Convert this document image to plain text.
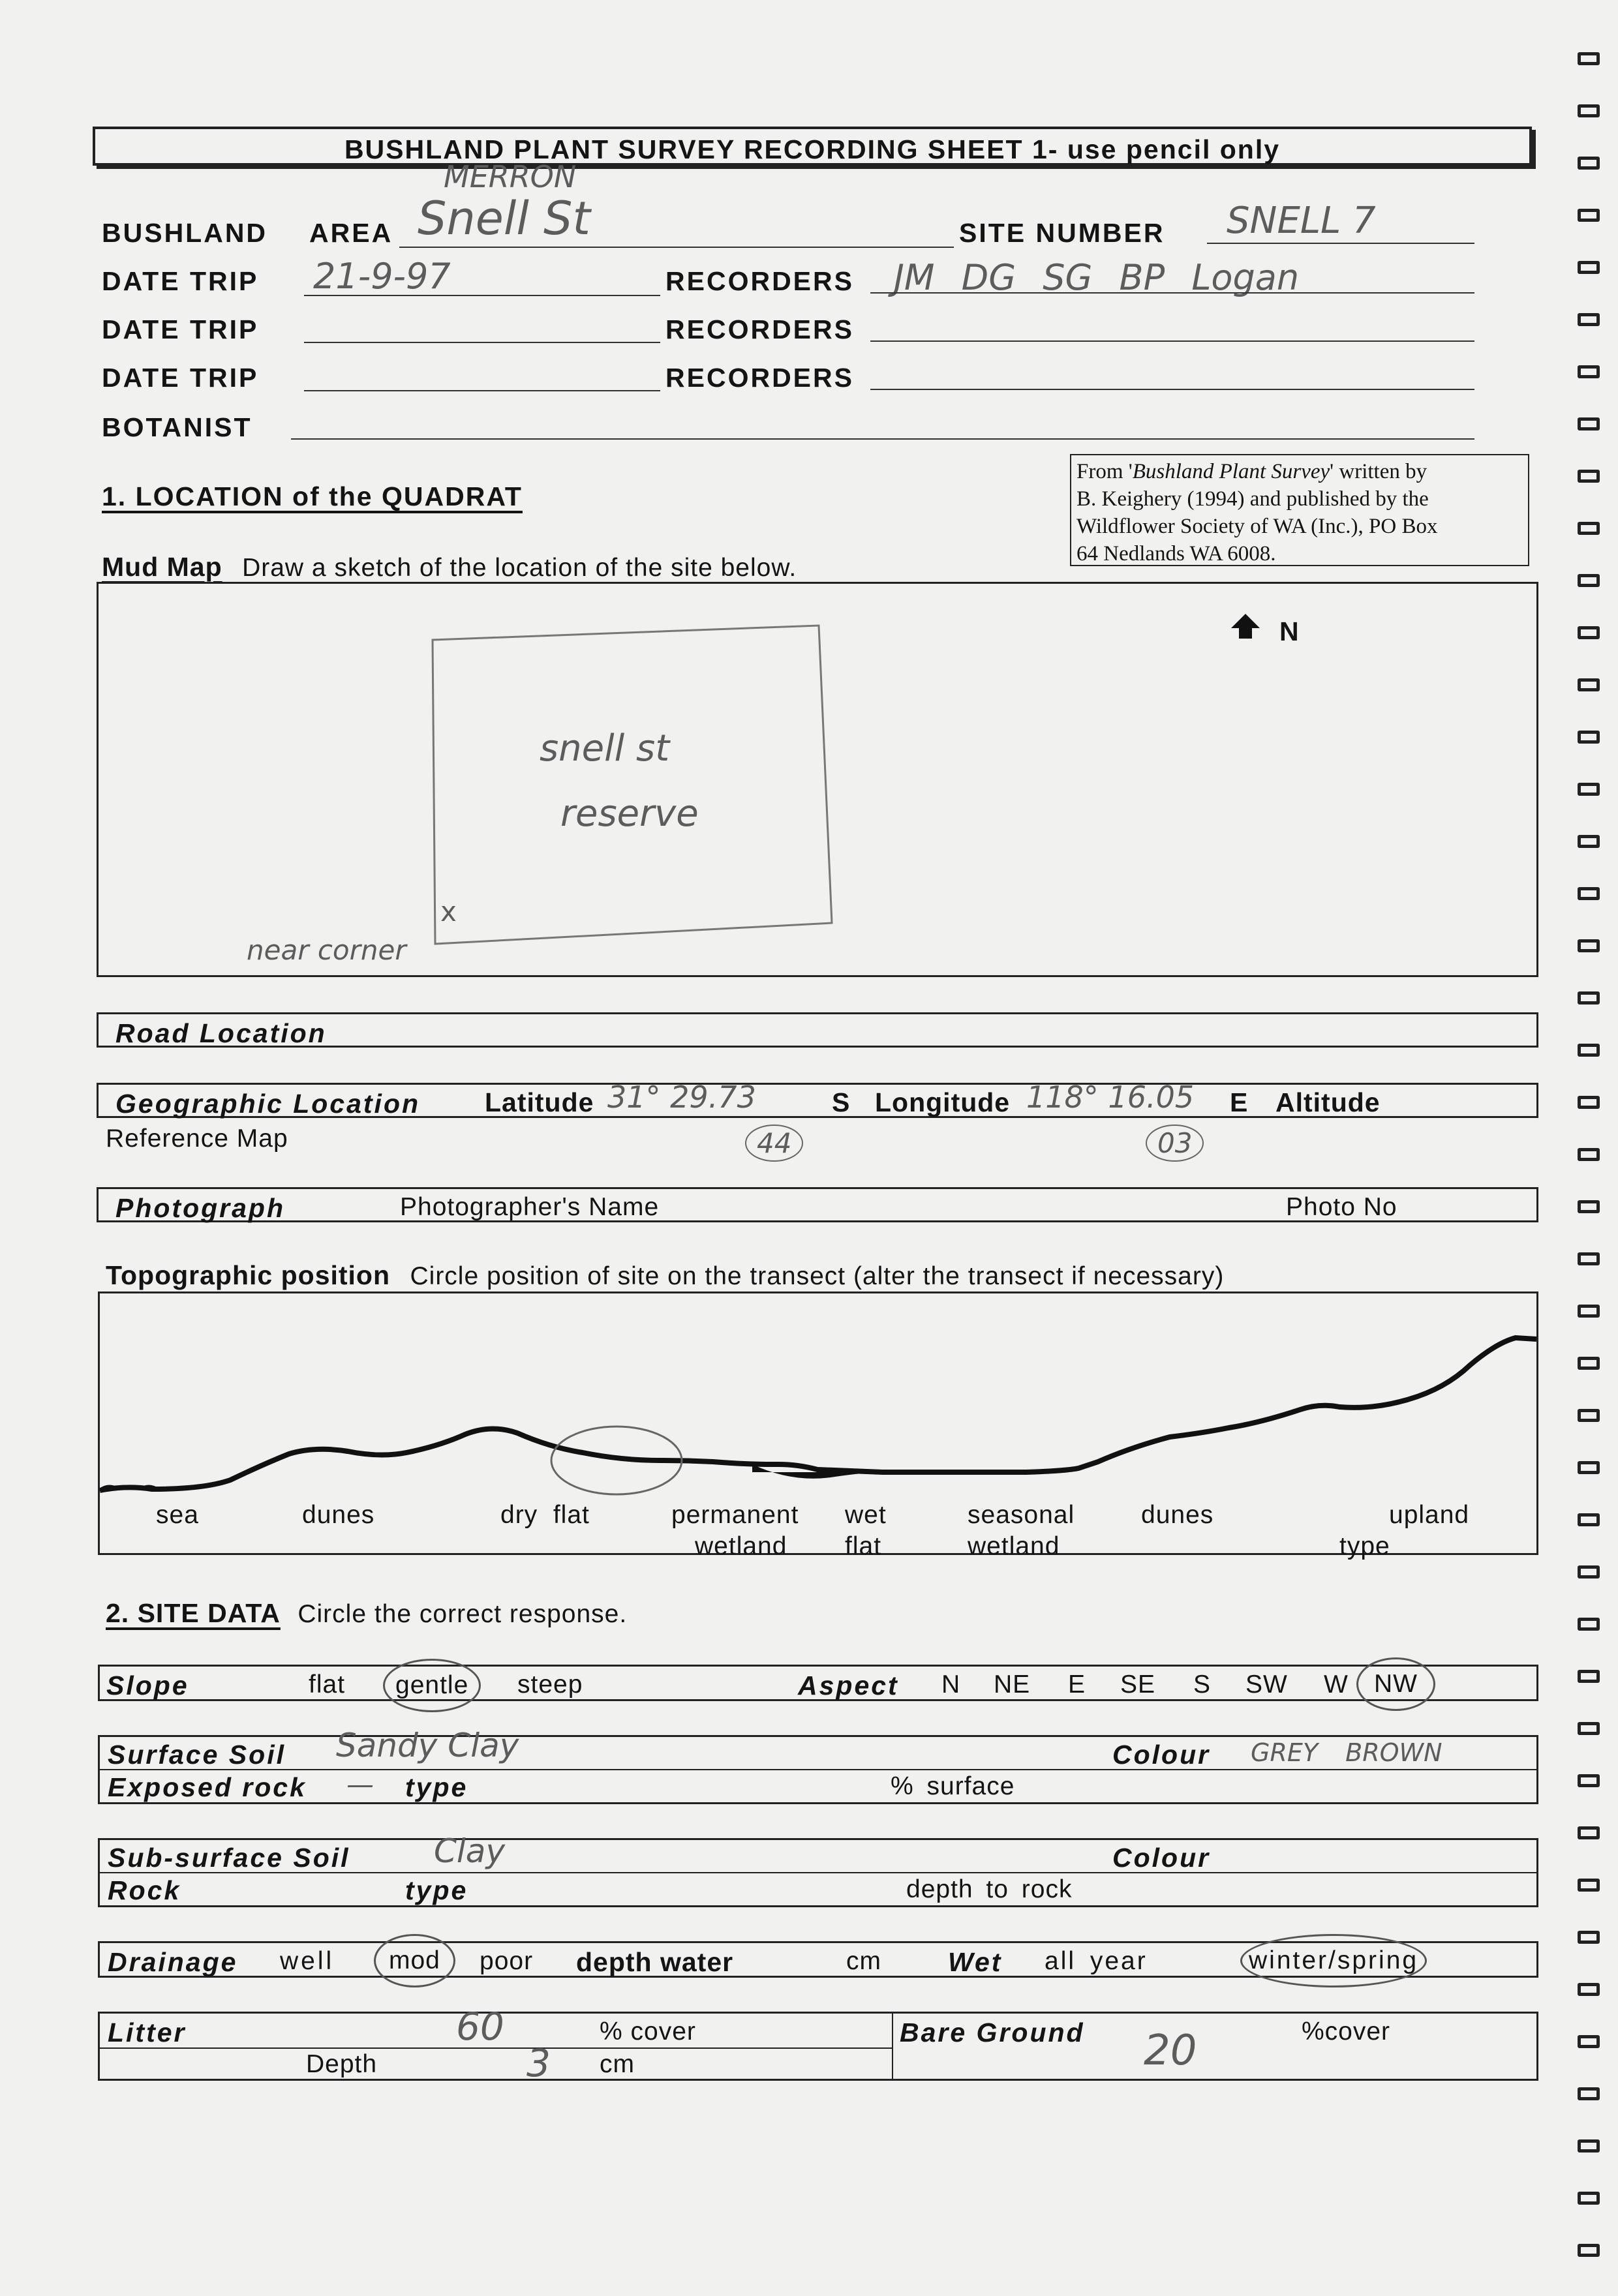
BUSHLAND PLANT SURVEY RECORDING SHEET 1- use pencil only
BUSHLAND AREA
MERRON
Snell St	SITE NUMBER SNELL 7
DATE TRIP 21-9-97	RECORDERS JM DG SG BP Logan
DATE TRIP	RECORDERS
DATE TRIP	RECORDERS
BOTANIST
From 'Bushland Plant Survey' written by
B. Keighery (1994) and published by the
Wildflower Society of WA (Inc.), PO Box
64 Nedlands WA 6008.
1. LOCATION of the QUADRAT
Mud Map Draw a sketch of the location of the site below.
N
snell st
reserve
x
near corner
Road Location
Geographic Location Latitude 31° 29.73	S Longitude 118° 16.05 E Altitude
Reference Map	44	03
Photograph	Photographer's Name	Photo No
Topographic position Circle position of site on the transect (alter the transect if necessary)
sea	dunes	dry  flat	permanent
wetland
wet
flat
seasonal
wetland
dunes	upland
type
2. SITE DATA Circle the correct response.
Slope	flat	gentle	steep	Aspect N NE E SE S SW W	NW
Surface Soil Sandy Clay	Colour GREY BROWN
Exposed rock — type	% surface
Sub-surface Soil	Clay	Colour
Rock	type	depth to rock
Drainage well	mod	poor depth water	cm Wet all year	winter/spring
Litter	60	% cover
Depth	3 cm
Bare Ground 20	%cover
